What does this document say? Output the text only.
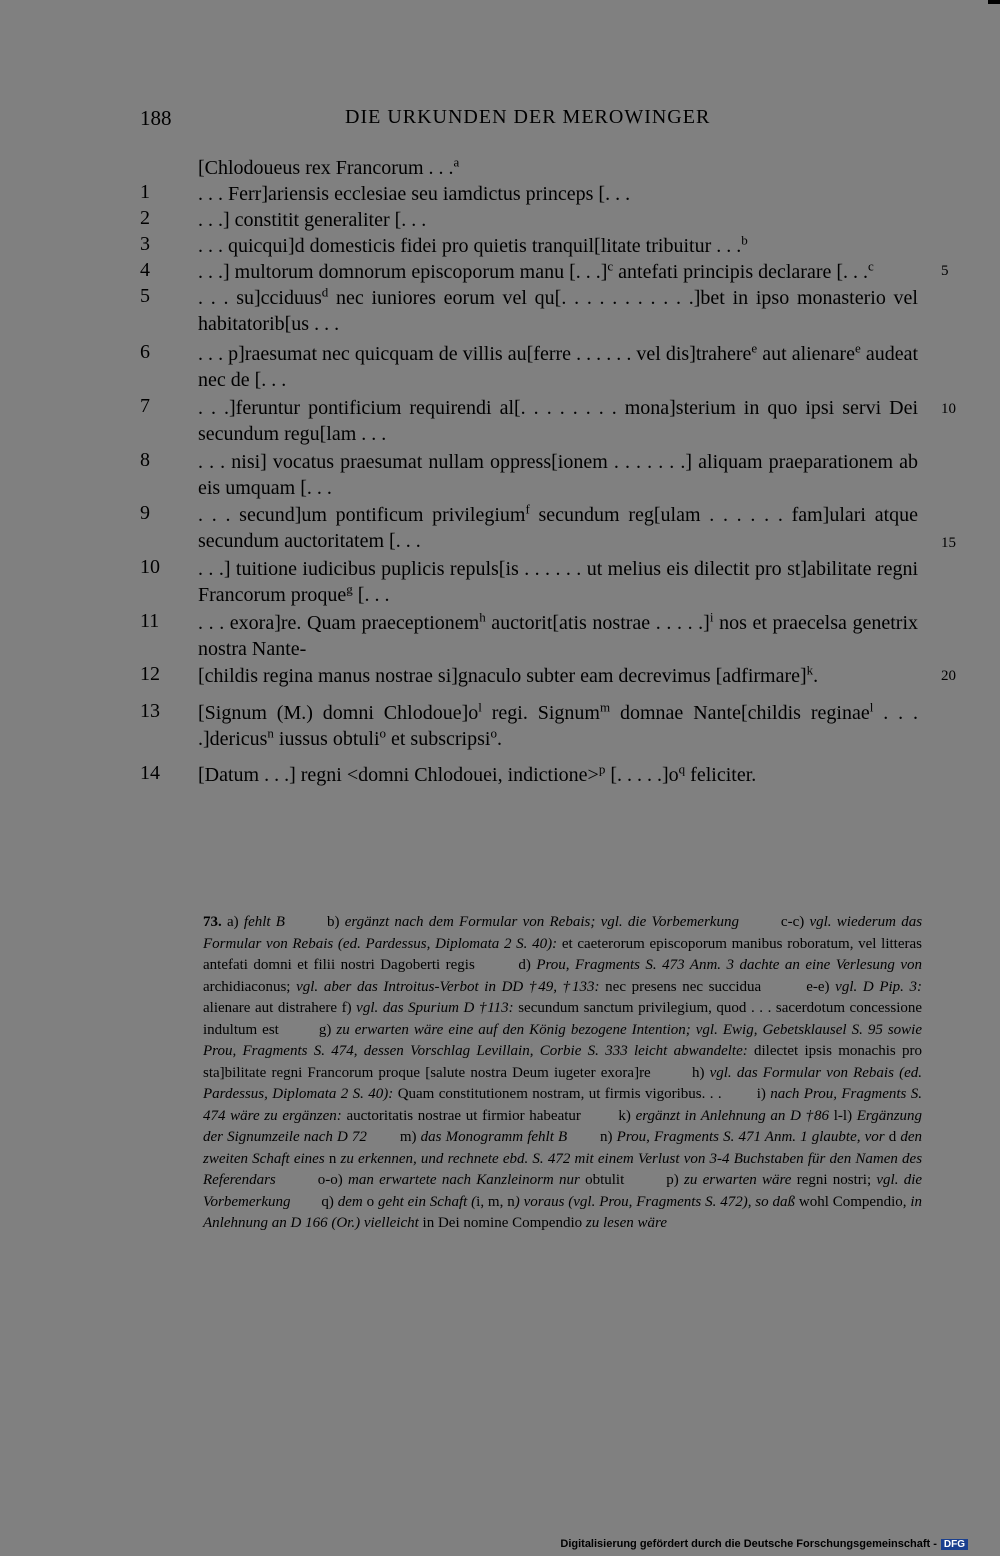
188	DIE URKUNDEN DER MEROWINGER
[Chlodoueus rex Francorum . . .$^a$
1	. . . Ferr]ariensis ecclesiae seu iamdictus princeps [. . .
2	. . .] constitit generaliter [. . .
3	. . . quicqui]d domesticis fidei pro quietis tranquil[litate tribuitur . . .$^b$
4	. . .] multorum domnorum episcoporum manu [. . .]$^c$ antefati principis declarare [. . .$^c$	5
5	. . . su]cciduus$^d$ nec iuniores eorum vel qu[. . . . . . . . . . .]bet in ipso monasterio vel habitatorib[us . . .
6	. . . p]raesumat nec quicquam de villis au[ferre . . . . . . vel dis]trahere$^e$ aut alienare$^e$ audeat nec de [. . .
7	. . .]feruntur pontificium requirendi al[. . . . . . . . mona]sterium in quo ipsi servi Dei secundum regu[lam . . .
10
8	. . . nisi] vocatus praesumat nullam oppress[ionem . . . . . . .] aliquam praeparationem ab eis umquam [. . .
9	. . . secund]um pontificum privilegium$^f$ secundum reg[ulam . . . . . . fam]ulari atque secundum auctoritatem [. . .	15
10	. . .] tuitione iudicibus puplicis repuls[is . . . . . . ut melius eis dilectit pro st]abilitate regni Francorum proque$^g$ [. . .
11	. . . exora]re. Quam praeceptionem$^h$ auctorit[atis nostrae . . . . .]$^i$ nos et praecelsa genetrix nostra Nante-
12	[childis regina manus nostrae si]gnaculo subter eam decrevimus [adfirmare]$^k$.	20
13	[Signum (M.) domni $Chlodoue]o^l$ regi. Signum$^m$ domnae Nante[childis reginae$^l$ . . . .]dericus$^n$ iussus obtuli$^o$ et subscripsi$^o$.
14	[Datum . . .] regni <domni Chlodouei, indictione>$^p$ [. . . . $.]o^q$ feliciter.
73. a) fehlt B	b) ergänzt nach dem Formular von Rebais; vgl. die Vorbemerkung	c-c) vgl. wiederum das Formular von Rebais (ed. Pardessus, Diplomata 2 S. 40): et caeterorum episcoporum manibus roboratum, vel litteras antefati domni et filii nostri Dagoberti regis	d) Prou, Fragments S. 473 Anm. 3 dachte an eine Verlesung von archidiaconus; vgl. aber das Introitus-Verbot in DD †49, †133: nec presens nec succidua	e-e) vgl. D Pip. 3: alienare aut distrahere f) vgl. das Spurium D †113: secundum sanctum privilegium, quod . . . sacerdotum concessione indultum est	g) zu erwarten wäre eine auf den König bezogene Intention; vgl. Ewig, Gebetsklausel S. 95 sowie Prou, Fragments S. 474, dessen Vorschlag Levillain, Corbie S. 333 leicht abwandelte: dilectet ipsis monachis pro sta]bilitate regni Francorum proque [salute nostra Deum iugeter exora]re	h) vgl. das Formular von Rebais (ed. Pardessus, Diplomata 2 S. 40): Quam constitutionem nostram, ut firmis vigoribus. . . i) nach Prou, Fragments S. 474 wäre zu ergänzen: auctoritatis nostrae ut firmior habeatur k) ergänzt in Anlehnung an D †86 l-l) Ergänzung der Signumzeile nach D 72 m) das Monogramm fehlt B n) Prou, Fragments S. 471 Anm. 1 glaubte, vor d den zweiten Schaft eines n zu erkennen, und rechnete ebd. S. 472 mit einem Verlust von 3-4 Buchstaben für den Namen des Referendars	o-o) man erwartete nach Kanzleinorm nur obtulit	p) zu erwarten wäre regni nostri; vgl. die Vorbemerkung q) dem o geht ein Schaft (i, m, n) voraus (vgl. Prou, Fragments S. 472), so daß wohl Compendio, in Anlehnung an D 166 (Or.) vielleicht in Dei nomine Compendio zu lesen wäre
Digitalisierung gefördert durch die Deutsche Forschungsgemeinschaft - DFG
